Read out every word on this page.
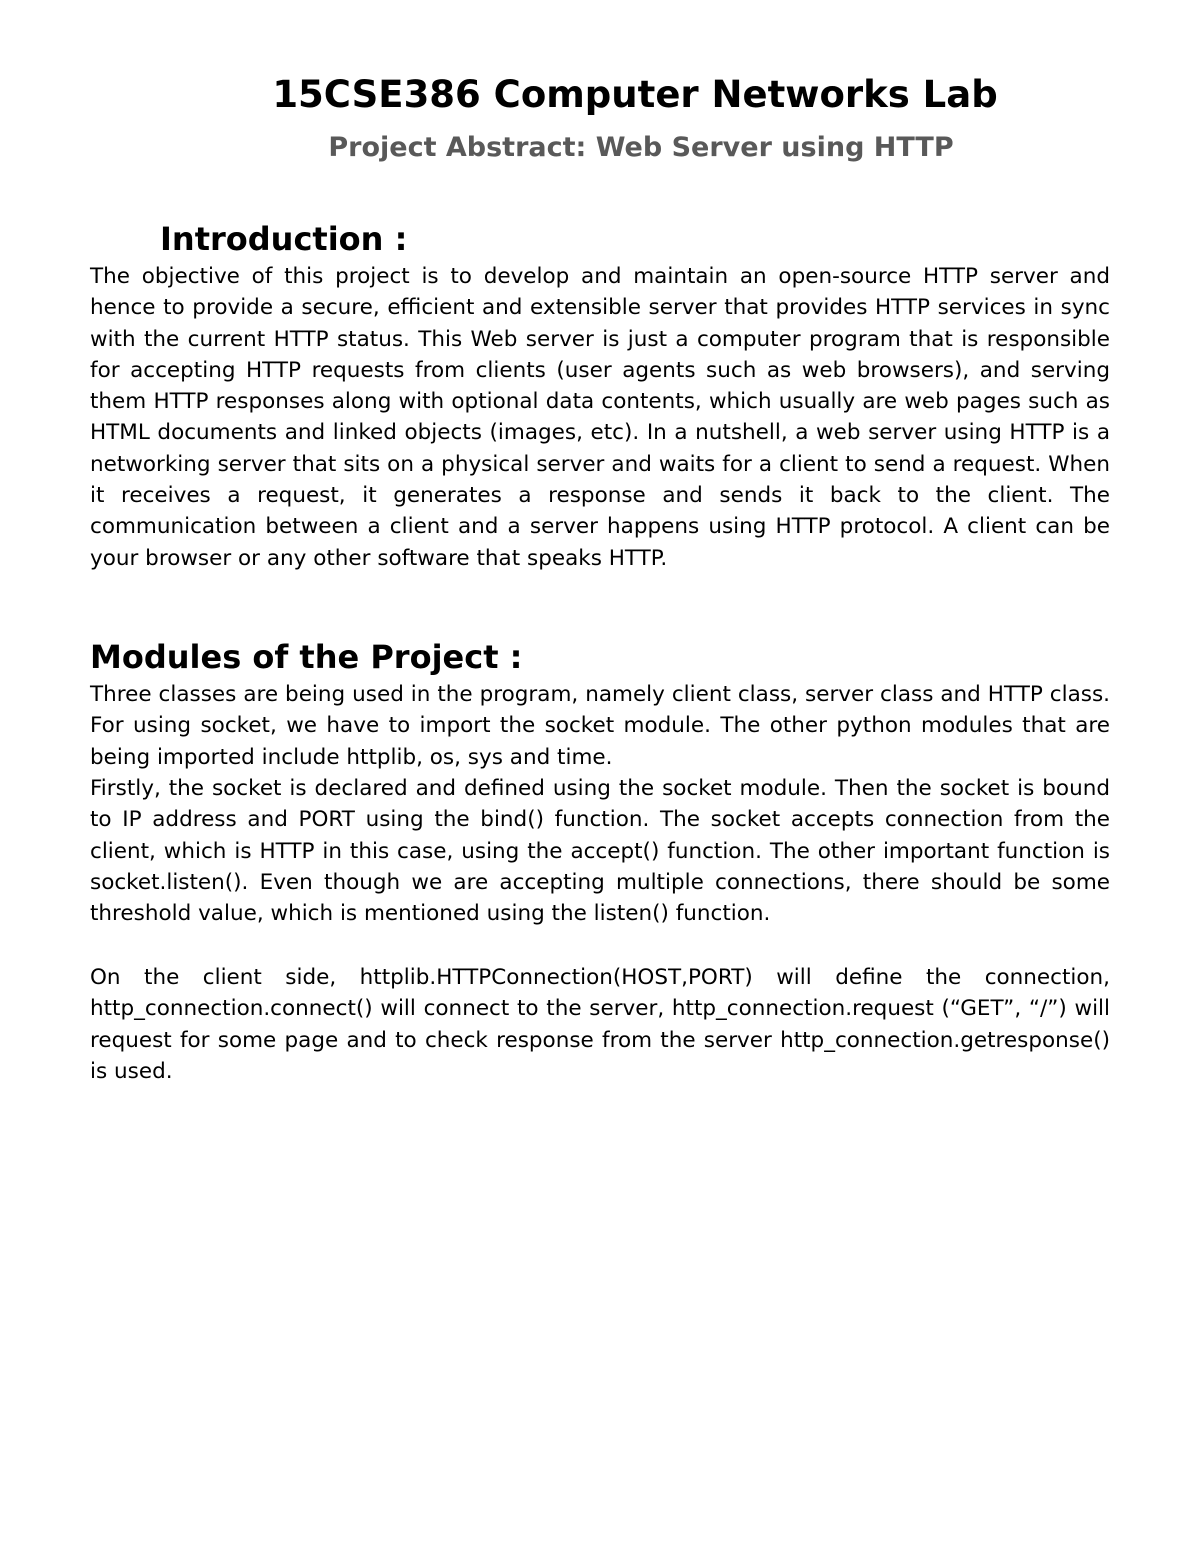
15CSE386 Computer Networks Lab
Project Abstract: Web Server using HTTP
Introduction :

The objective of this project is to develop and maintain an open-source HTTP server and hence to provide a secure, efficient and extensible server that provides HTTP services in sync with the current HTTP status. This Web server is just a computer program that is responsible for accepting HTTP requests from clients (user agents such as web browsers), and serving them HTTP responses along with optional data contents, which usually are web pages such as HTML documents and linked objects (images, etc). In a nutshell, a web server using HTTP is a networking server that sits on a physical server and waits for a client to send a request. When it receives a request, it generates a response and sends it back to the client. The communication between a client and a server happens using HTTP protocol. A client can be your browser or any other software that speaks HTTP.

Modules of the Project :

Three classes are being used in the program, namely client class, server class and HTTP class. For using socket, we have to import the socket module. The other python modules that are being imported include httplib, os, sys and time.

Firstly, the socket is declared and defined using the socket module. Then the socket is bound to IP address and PORT using the bind() function. The socket accepts connection from the client, which is HTTP in this case, using the accept() function. The other important function is socket.listen(). Even though we are accepting multiple connections, there should be some threshold value, which is mentioned using the listen() function.

On the client side, httplib.HTTPConnection(HOST,PORT) will define the connection, http_connection.connect() will connect to the server, http_connection.request (“GET”, “/”) will request for some page and to check response from the server http_connection.getresponse() is used.
